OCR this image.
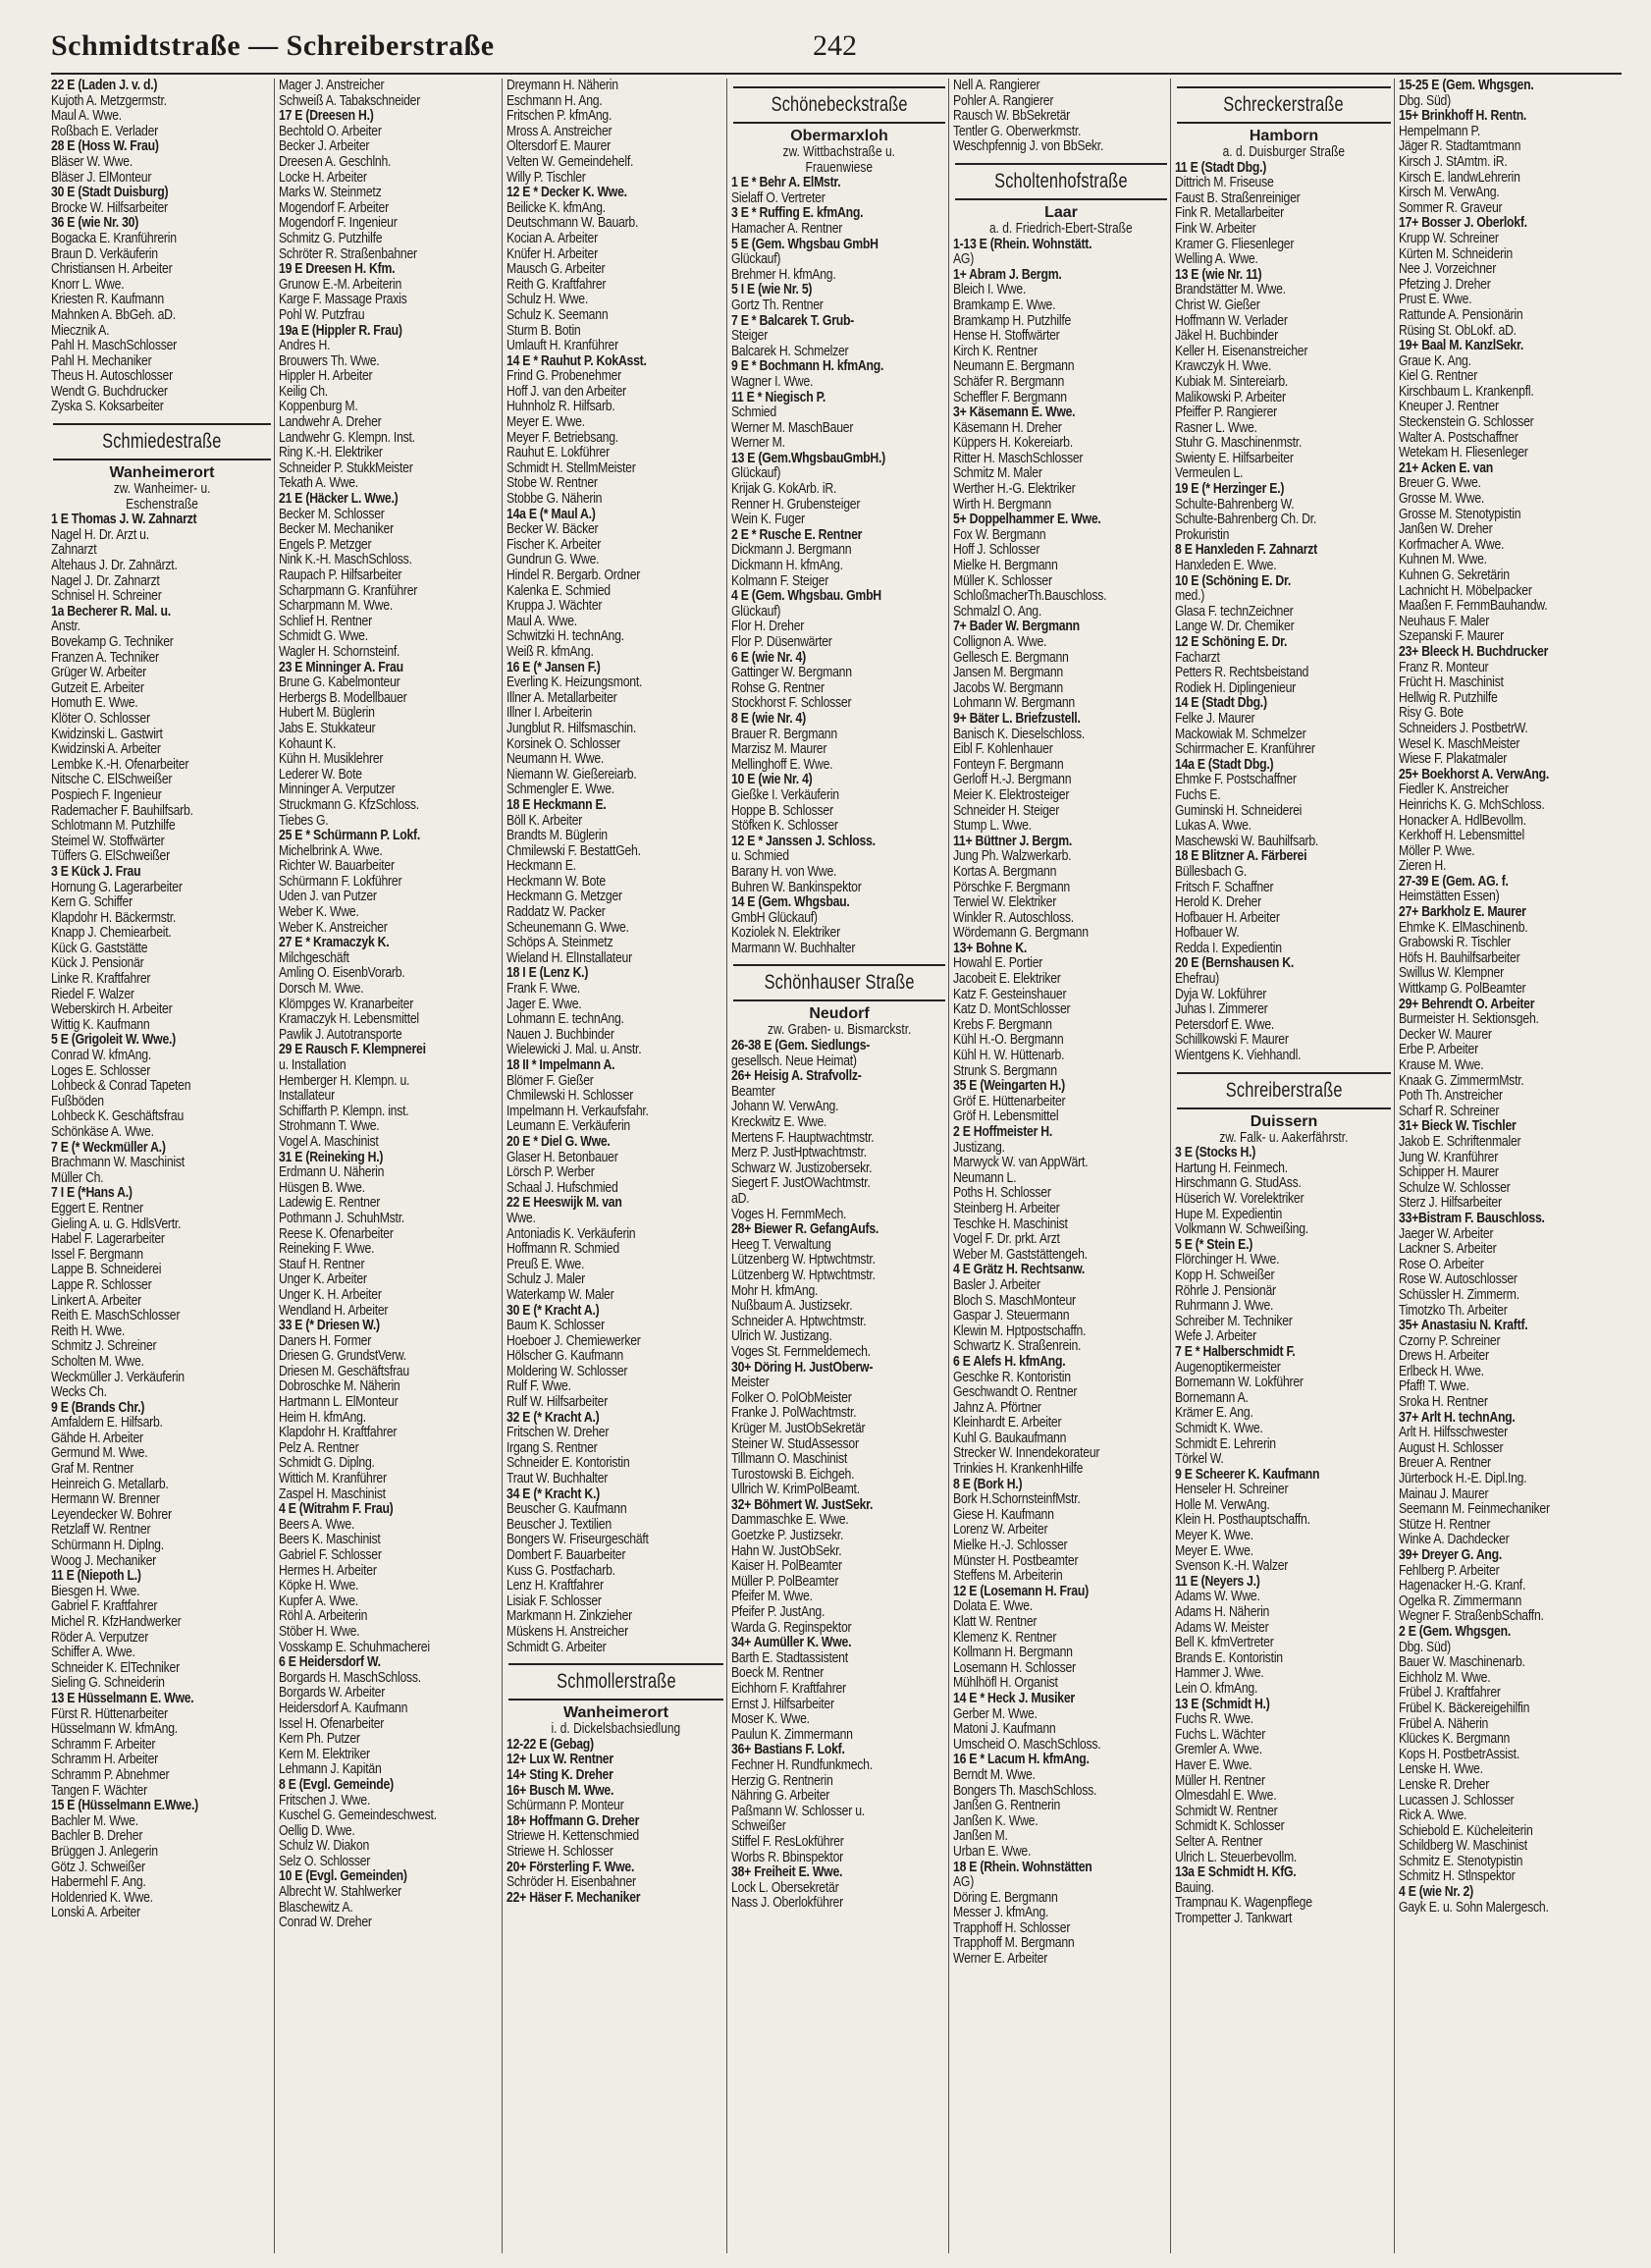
Schmidtstraße — Schreiberstraße	242
22 E (Laden J. v. d.)
Kujoth A. Metzgermstr.
Maul A. Wwe.
Roßbach E. Verlader
28 E (Hoss W. Frau)
Bläser W. Wwe.
Bläser J. ElMonteur
30 E (Stadt Duisburg)
Brocke W. Hilfsarbeiter
36 E (wie Nr. 30)
Bogacka E. Kranführerin
Braun D. Verkäuferin
Christiansen H. Arbeiter
Knorr L. Wwe.
Kriesten R. Kaufmann
Mahnken A. BbGeh. aD.
Miecznik A.
Pahl H. MaschSchlosser
Pahl H. Mechaniker
Theus H. Autoschlosser
Wendt G. Buchdrucker
Zyska S. Koksarbeiter
Schmiedestraße
Wanheimerort
zw. Wanheimer- u.
Eschenstraße
1 E Thomas J. W. Zahnarzt
Nagel H. Dr. Arzt u.
Zahnarzt
Altehaus J. Dr. Zahnärzt.
Nagel J. Dr. Zahnarzt
Schnisel H. Schreiner
1a Becherer R. Mal. u.
Anstr.
Bovekamp G. Techniker
Franzen A. Techniker
Grüger W. Arbeiter
Gutzeit E. Arbeiter
Homuth E. Wwe.
Klöter O. Schlosser
Kwidzinski L. Gastwirt
Kwidzinski A. Arbeiter
Lembke K.-H. Ofenarbeiter
Nitsche C. ElSchweißer
Pospiech F. Ingenieur
Rademacher F. Bauhilfsarb.
Schlotmann M. Putzhilfe
Steimel W. Stoffwärter
Tüffers G. ElSchweißer
3 E Kück J. Frau
Hornung G. Lagerarbeiter
Kern G. Schiffer
Klapdohr H. Bäckermstr.
Knapp J. Chemiearbeit.
Kück G. Gaststätte
Kück J. Pensionär
Linke R. Kraftfahrer
Riedel F. Walzer
Weberskirch H. Arbeiter
Wittig K. Kaufmann
5 E (Grigoleit W. Wwe.)
Conrad W. kfmAng.
Loges E. Schlosser
Lohbeck & Conrad Tapeten
Fußböden
Lohbeck K. Geschäftsfrau
Schönkäse A. Wwe.
7 E (* Weckmüller A.)
Brachmann W. Maschinist
Müller Ch.
7 I E (*Hans A.)
Eggert E. Rentner
Gieling A. u. G. HdlsVertr.
Habel F. Lagerarbeiter
Issel F. Bergmann
Lappe B. Schneiderei
Lappe R. Schlosser
Linkert A. Arbeiter
Reith E. MaschSchlosser
Reith H. Wwe.
Schmitz J. Schreiner
Scholten M. Wwe.
Weckmüller J. Verkäuferin
Wecks Ch.
9 E (Brands Chr.)
Amfaldern E. Hilfsarb.
Gähde H. Arbeiter
Germund M. Wwe.
Graf M. Rentner
Heinreich G. Metallarb.
Hermann W. Brenner
Leyendecker W. Bohrer
Retzlaff W. Rentner
Schürmann H. Diplng.
Woog J. Mechaniker
11 E (Niepoth L.)
Biesgen H. Wwe.
Gabriel F. Kraftfahrer
Michel R. KfzHandwerker
Röder A. Verputzer
Schiffer A. Wwe.
Schneider K. ElTechniker
Sieling G. Schneiderin
13 E Hüsselmann E. Wwe.
Fürst R. Hüttenarbeiter
Hüsselmann W. kfmAng.
Schramm F. Arbeiter
Schramm H. Arbeiter
Schramm P. Abnehmer
Tangen F. Wächter
15 E (Hüsselmann E.Wwe.)
Bachler M. Wwe.
Bachler B. Dreher
Brüggen J. Anlegerin
Götz J. Schweißer
Habermehl F. Ang.
Holdenried K. Wwe.
Lonski A. Arbeiter
Mager J. Anstreicher
Schweiß A. Tabakschneider
17 E (Dreesen H.)
Bechtold O. Arbeiter
Becker J. Arbeiter
Dreesen A. Geschlnh.
Locke H. Arbeiter
Marks W. Steinmetz
Mogendorf F. Arbeiter
Mogendorf F. Ingenieur
Schmitz G. Putzhilfe
Schröter R. Straßenbahner
19 E Dreesen H. Kfm.
Grunow E.-M. Arbeiterin
Karge F. Massage Praxis
Pohl W. Putzfrau
19a E (Hippler R. Frau)
Andres H.
Brouwers Th. Wwe.
Hippler H. Arbeiter
Keilig Ch.
Koppenburg M.
Landwehr A. Dreher
Landwehr G. Klempn. Inst.
Ring K.-H. Elektriker
Schneider P. StukkMeister
Tekath A. Wwe.
21 E (Häcker L. Wwe.)
Becker M. Schlosser
Becker M. Mechaniker
Engels P. Metzger
Nink K.-H. MaschSchloss.
Raupach P. Hilfsarbeiter
Scharpmann G. Kranführer
Scharpmann M. Wwe.
Schlief H. Rentner
Schmidt G. Wwe.
Wagler H. Schornsteinf.
23 E Minninger A. Frau
Brune G. Kabelmonteur
Herbergs B. Modellbauer
Hubert M. Büglerin
Jabs E. Stukkateur
Kohaunt K.
Kühn H. Musiklehrer
Lederer W. Bote
Minninger A. Verputzer
Struckmann G. KfzSchloss.
Tiebes G.
25 E * Schürmann P. Lokf.
Michelbrink A. Wwe.
Richter W. Bauarbeiter
Schürmann F. Lokführer
Uden J. van Putzer
Weber K. Wwe.
Weber K. Anstreicher
27 E * Kramaczyk K.
Milchgeschäft
Amling O. EisenbVorarb.
Dorsch M. Wwe.
Klömpges W. Kranarbeiter
Kramaczyk H. Lebensmittel
Pawlik J. Autotransporte
29 E Rausch F. Klempnerei
u. Installation
Hemberger H. Klempn. u.
Installateur
Schiffarth P. Klempn. inst.
Strohmann T. Wwe.
Vogel A. Maschinist
31 E (Reineking H.)
Erdmann U. Näherin
Hüsgen B. Wwe.
Ladewig E. Rentner
Pothmann J. SchuhMstr.
Reese K. Ofenarbeiter
Reineking F. Wwe.
Stauf H. Rentner
Unger K. Arbeiter
Unger K. H. Arbeiter
Wendland H. Arbeiter
33 E (* Driesen W.)
Daners H. Former
Driesen G. GrundstVerw.
Driesen M. Geschäftsfrau
Dobroschke M. Näherin
Hartmann L. ElMonteur
Heim H. kfmAng.
Klapdohr H. Kraftfahrer
Pelz A. Rentner
Schmidt G. Diplng.
Wittich M. Kranführer
Zaspel H. Maschinist
4 E (Witrahm F. Frau)
Beers A. Wwe.
Beers K. Maschinist
Gabriel F. Schlosser
Hermes H. Arbeiter
Köpke H. Wwe.
Kupfer A. Wwe.
Röhl A. Arbeiterin
Stöber H. Wwe.
Vosskamp E. Schuhmacherei
6 E Heidersdorf W.
Borgards H. MaschSchloss.
Borgards W. Arbeiter
Heidersdorf A. Kaufmann
Issel H. Ofenarbeiter
Kern Ph. Putzer
Kern M. Elektriker
Lehmann J. Kapitän
8 E (Evgl. Gemeinde)
Fritschen J. Wwe.
Kuschel G. Gemeindeschwest.
Oellig D. Wwe.
Schulz W. Diakon
Selz O. Schlosser
10 E (Evgl. Gemeinden)
Albrecht W. Stahlwerker
Blaschewitz A.
Conrad W. Dreher
Dreymann H. Näherin
Eschmann H. Ang.
Fritschen P. kfmAng.
Mross A. Anstreicher
Oltersdorf E. Maurer
Velten W. Gemeindehelf.
Willy P. Tischler
12 E * Decker K. Wwe.
Beilicke K. kfmAng.
Deutschmann W. Bauarb.
Kocian A. Arbeiter
Knüfer H. Arbeiter
Mausch G. Arbeiter
Reith G. Kraftfahrer
Schulz H. Wwe.
Schulz K. Seemann
Sturm B. Botin
Umlauft H. Kranführer
14 E * Rauhut P. KokAsst.
Frind G. Probenehmer
Hoff J. van den Arbeiter
Huhnholz R. Hilfsarb.
Meyer E. Wwe.
Meyer F. Betriebsang.
Rauhut E. Lokführer
Schmidt H. StellmMeister
Stobe W. Rentner
Stobbe G. Näherin
14a E (* Maul A.)
Becker W. Bäcker
Fischer K. Arbeiter
Gundrun G. Wwe.
Hindel R. Bergarb. Ordner
Kalenka E. Schmied
Kruppa J. Wächter
Maul A. Wwe.
Schwitzki H. technAng.
Weiß R. kfmAng.
16 E (* Jansen F.)
Everling K. Heizungsmont.
Illner A. Metallarbeiter
Illner I. Arbeiterin
Jungblut R. Hilfsmaschin.
Korsinek O. Schlosser
Neumann H. Wwe.
Niemann W. Gießereiarb.
Schmengler E. Wwe.
18 E Heckmann E.
Böll K. Arbeiter
Brandts M. Büglerin
Chmilewski F. BestattGeh.
Heckmann E.
Heckmann W. Bote
Heckmann G. Metzger
Raddatz W. Packer
Scheunemann G. Wwe.
Schöps A. Steinmetz
Wieland H. ElInstallateur
18 I E (Lenz K.)
Frank F. Wwe.
Jager E. Wwe.
Lohmann E. technAng.
Nauen J. Buchbinder
Wielewicki J. Mal. u. Anstr.
18 II * Impelmann A.
Blömer F. Gießer
Chmilewski H. Schlosser
Impelmann H. Verkaufsfahr.
Leumann E. Verkäuferin
20 E * Diel G. Wwe.
Glaser H. Betonbauer
Lörsch P. Werber
Schaal J. Hufschmied
22 E Heeswijk M. van
Wwe.
Antoniadis K. Verkäuferin
Hoffmann R. Schmied
Preuß E. Wwe.
Schulz J. Maler
Waterkamp W. Maler
30 E (* Kracht A.)
Baum K. Schlosser
Hoeboer J. Chemiewerker
Hölscher G. Kaufmann
Moldering W. Schlosser
Rulf F. Wwe.
Rulf W. Hilfsarbeiter
32 E (* Kracht A.)
Fritschen W. Dreher
Irgang S. Rentner
Schneider E. Kontoristin
Traut W. Buchhalter
34 E (* Kracht K.)
Beuscher G. Kaufmann
Beuscher J. Textilien
Bongers W. Friseurgeschäft
Dombert F. Bauarbeiter
Kuss G. Postfacharb.
Lenz H. Kraftfahrer
Lisiak F. Schlosser
Markmann H. Zinkzieher
Müskens H. Anstreicher
Schmidt G. Arbeiter
Schmollerstraße
Wanheimerort
i. d. Dickelsbachsiedlung
12-22 E (Gebag)
12+ Lux W. Rentner
14+ Sting K. Dreher
16+ Busch M. Wwe.
Schürmann P. Monteur
18+ Hoffmann G. Dreher
Striewe H. Kettenschmied
Striewe H. Schlosser
20+ Försterling F. Wwe.
Schröder H. Eisenbahner
22+ Häser F. Mechaniker
Schönebeckstraße
Obermarxloh
zw. Wittbachstraße u.
Frauenwiese
1 E * Behr A. ElMstr.
Sielaff O. Vertreter
3 E * Ruffing E. kfmAng.
Hamacher A. Rentner
5 E (Gem. Whgsbau GmbH
Glückauf)
Brehmer H. kfmAng.
5 I E (wie Nr. 5)
Gortz Th. Rentner
7 E * Balcarek T. Grub-
Steiger
Balcarek H. Schmelzer
9 E * Bochmann H. kfmAng.
Wagner I. Wwe.
11 E * Niegisch P.
Schmied
Werner M. MaschBauer
Werner M.
13 E (Gem.WhgsbauGmbH.)
Glückauf)
Krijak G. KokArb. iR.
Renner H. Grubensteiger
Wein K. Fuger
2 E * Rusche E. Rentner
Dickmann J. Bergmann
Dickmann H. kfmAng.
Kolmann F. Steiger
4 E (Gem. Whgsbau. GmbH
Glückauf)
Flor H. Dreher
Flor P. Düsenwärter
6 E (wie Nr. 4)
Gattinger W. Bergmann
Rohse G. Rentner
Stockhorst F. Schlosser
8 E (wie Nr. 4)
Brauer R. Bergmann
Marzisz M. Maurer
Mellinghoff E. Wwe.
10 E (wie Nr. 4)
Gießke I. Verkäuferin
Hoppe B. Schlosser
Stöfken K. Schlosser
12 E * Janssen J. Schloss.
u. Schmied
Barany H. von Wwe.
Buhren W. Bankinspektor
14 E (Gem. Whgsbau.
GmbH Glückauf)
Koziolek N. Elektriker
Marmann W. Buchhalter
Schönhauser Straße
Neudorf
zw. Graben- u. Bismarckstr.
26-38 E (Gem. Siedlungs-
gesellsch. Neue Heimat)
26+ Heisig A. Strafvollz-
Beamter
Johann W. VerwAng.
Kreckwitz E. Wwe.
Mertens F. Hauptwachtmstr.
Merz P. JustHptwachtmstr.
Schwarz W. Justizobersekr.
Siegert F. JustOWachtmstr.
aD.
Voges H. FernmMech.
28+ Biewer R. GefangAufs.
Heeg T. Verwaltung
Lützenberg W. Hptwchtmstr.
Lützenberg W. Hptwchtmstr.
Mohr H. kfmAng.
Nußbaum A. Justizsekr.
Schneider A. Hptwchtmstr.
Ulrich W. Justizang.
Voges St. Fernmeldemech.
30+ Döring H. JustOberw-
Meister
Folker O. PolObMeister
Franke J. PolWachtmstr.
Krüger M. JustObSekretär
Steiner W. StudAssessor
Tillmann O. Maschinist
Turostowski B. Eichgeh.
Ullrich W. KrimPolBeamt.
32+ Böhmert W. JustSekr.
Dammaschke E. Wwe.
Goetzke P. Justizsekr.
Hahn W. JustObSekr.
Kaiser H. PolBeamter
Müller P. PolBeamter
Pfeifer M. Wwe.
Pfeifer P. JustAng.
Warda G. Reginspektor
34+ Aumüller K. Wwe.
Barth E. Stadtassistent
Boeck M. Rentner
Eichhorn F. Kraftfahrer
Ernst J. Hilfsarbeiter
Moser K. Wwe.
Paulun K. Zimmermann
36+ Bastians F. Lokf.
Fechner H. Rundfunkmech.
Herzig G. Rentnerin
Nähring G. Arbeiter
Paßmann W. Schlosser u.
Schweißer
Stiffel F. ResLokführer
Worbs R. Bbinspektor
38+ Freiheit E. Wwe.
Lock L. Obersekretär
Nass J. Oberlokführer
Nell A. Rangierer
Pohler A. Rangierer
Rausch W. BbSekretär
Tentler G. Oberwerkmstr.
Weschpfennig J. von BbSekr.
Scholtenhofstraße
Laar
a. d. Friedrich-Ebert-Straße
1-13 E (Rhein. Wohnstätt.
AG)
1+ Abram J. Bergm.
Bleich I. Wwe.
Bramkamp E. Wwe.
Bramkamp H. Putzhilfe
Hense H. Stoffwärter
Kirch K. Rentner
Neumann E. Bergmann
Schäfer R. Bergmann
Scheffler F. Bergmann
3+ Käsemann E. Wwe.
Käsemann H. Dreher
Küppers H. Kokereiarb.
Ritter H. MaschSchlosser
Schmitz M. Maler
Werther H.-G. Elektriker
Wirth H. Bergmann
5+ Doppelhammer E. Wwe.
Fox W. Bergmann
Hoff J. Schlosser
Mielke H. Bergmann
Müller K. Schlosser
SchloßmacherTh.Bauschloss.
Schmalzl O. Ang.
7+ Bader W. Bergmann
Collignon A. Wwe.
Gellesch E. Bergmann
Jansen M. Bergmann
Jacobs W. Bergmann
Lohmann W. Bergmann
9+ Bäter L. Briefzustell.
Banisch K. Dieselschloss.
Eibl F. Kohlenhauer
Fonteyn F. Bergmann
Gerloff H.-J. Bergmann
Meier K. Elektrosteiger
Schneider H. Steiger
Stump L. Wwe.
11+ Büttner J. Bergm.
Jung Ph. Walzwerkarb.
Kortas A. Bergmann
Pörschke F. Bergmann
Terwiel W. Elektriker
Winkler R. Autoschloss.
Wördemann G. Bergmann
13+ Bohne K.
Howahl E. Portier
Jacobeit E. Elektriker
Katz F. Gesteinshauer
Katz D. MontSchlosser
Krebs F. Bergmann
Kühl H.-O. Bergmann
Kühl H. W. Hüttenarb.
Strunk S. Bergmann
35 E (Weingarten H.)
Gröf E. Hüttenarbeiter
Gröf H. Lebensmittel
2 E Hoffmeister H.
Justizang.
Marwyck W. van AppWärt.
Neumann L.
Poths H. Schlosser
Steinberg H. Arbeiter
Teschke H. Maschinist
Vogel F. Dr. prkt. Arzt
Weber M. Gaststättengeh.
4 E Grätz H. Rechtsanw.
Basler J. Arbeiter
Bloch S. MaschMonteur
Gaspar J. Steuermann
Klewin M. Hptpostschaffn.
Schwartz K. Straßenrein.
6 E Alefs H. kfmAng.
Geschke R. Kontoristin
Geschwandt O. Rentner
Jahnz A. Pförtner
Kleinhardt E. Arbeiter
Kuhl G. Baukaufmann
Strecker W. Innendekorateur
Trinkies H. KrankenhHilfe
8 E (Bork H.)
Bork H.SchornsteinfMstr.
Giese H. Kaufmann
Lorenz W. Arbeiter
Mielke H.-J. Schlosser
Münster H. Postbeamter
Steffens M. Arbeiterin
12 E (Losemann H. Frau)
Dolata E. Wwe.
Klatt W. Rentner
Klemenz K. Rentner
Kollmann H. Bergmann
Losemann H. Schlosser
Mühlhöfl H. Organist
14 E * Heck J. Musiker
Gerber M. Wwe.
Matoni J. Kaufmann
Umscheid O. MaschSchloss.
16 E * Lacum H. kfmAng.
Berndt M. Wwe.
Bongers Th. MaschSchloss.
Janßen G. Rentnerin
Janßen K. Wwe.
Janßen M.
Urban E. Wwe.
18 E (Rhein. Wohnstätten
AG)
Döring E. Bergmann
Messer J. kfmAng.
Trapphoff H. Schlosser
Trapphoff M. Bergmann
Werner E. Arbeiter
Schreckerstraße
Hamborn
a. d. Duisburger Straße
11 E (Stadt Dbg.)
Dittrich M. Friseuse
Faust B. Straßenreiniger
Fink R. Metallarbeiter
Fink W. Arbeiter
Kramer G. Fliesenleger
Welling A. Wwe.
13 E (wie Nr. 11)
Brandstätter M. Wwe.
Christ W. Gießer
Hoffmann W. Verlader
Jäkel H. Buchbinder
Keller H. Eisenanstreicher
Krawczyk H. Wwe.
Kubiak M. Sintereiarb.
Malikowski P. Arbeiter
Pfeiffer P. Rangierer
Rasner L. Wwe.
Stuhr G. Maschinenmstr.
Swienty E. Hilfsarbeiter
Vermeulen L.
19 E (* Herzinger E.)
Schulte-Bahrenberg W.
Schulte-Bahrenberg Ch. Dr.
Prokuristin
8 E Hanxleden F. Zahnarzt
Hanxleden E. Wwe.
10 E (Schöning E. Dr.
med.)
Glasa F. technZeichner
Lange W. Dr. Chemiker
12 E Schöning E. Dr.
Facharzt
Petters R. Rechtsbeistand
Rodiek H. Diplingenieur
14 E (Stadt Dbg.)
Felke J. Maurer
Mackowiak M. Schmelzer
Schirrmacher E. Kranführer
14a E (Stadt Dbg.)
Ehmke F. Postschaffner
Fuchs E.
Guminski H. Schneiderei
Lukas A. Wwe.
Maschewski W. Bauhilfsarb.
18 E Blitzner A. Färberei
Büllesbach G.
Fritsch F. Schaffner
Herold K. Dreher
Hofbauer H. Arbeiter
Hofbauer W.
Redda I. Expedientin
20 E (Bernshausen K.
Ehefrau)
Dyja W. Lokführer
Juhas I. Zimmerer
Petersdorf E. Wwe.
Schillkowski F. Maurer
Wientgens K. Viehhandl.
Schreiberstraße
Duissern
zw. Falk- u. Aakerfährstr.
3 E (Stocks H.)
Hartung H. Feinmech.
Hirschmann G. StudAss.
Hüserich W. Vorelektriker
Hupe M. Expedientin
Volkmann W. Schweißing.
5 E (* Stein E.)
Flörchinger H. Wwe.
Kopp H. Schweißer
Röhrle J. Pensionär
Ruhrmann J. Wwe.
Schreiber M. Techniker
Wefe J. Arbeiter
7 E * Halberschmidt F.
Augenoptikermeister
Bornemann W. Lokführer
Bornemann A.
Krämer E. Ang.
Schmidt K. Wwe.
Schmidt E. Lehrerin
Törkel W.
9 E Scheerer K. Kaufmann
Henseler H. Schreiner
Holle M. VerwAng.
Klein H. Posthauptschaffn.
Meyer K. Wwe.
Meyer E. Wwe.
Svenson K.-H. Walzer
11 E (Neyers J.)
Adams W. Wwe.
Adams H. Näherin
Adams W. Meister
Bell K. kfmVertreter
Brands E. Kontoristin
Hammer J. Wwe.
Lein O. kfmAng.
13 E (Schmidt H.)
Fuchs R. Wwe.
Fuchs L. Wächter
Gremler A. Wwe.
Haver E. Wwe.
Müller H. Rentner
Olmesdahl E. Wwe.
Schmidt W. Rentner
Schmidt K. Schlosser
Selter A. Rentner
Ulrich L. Steuerbevollm.
13a E Schmidt H. KfG.
Bauing.
Trampnau K. Wagenpflege
Trompetter J. Tankwart
15-25 E (Gem. Whgsgen.
Dbg. Süd)
15+ Brinkhoff H. Rentn.
Hempelmann P.
Jäger R. Stadtamtmann
Kirsch J. StAmtm. iR.
Kirsch E. landwLehrerin
Kirsch M. VerwAng.
Sommer R. Graveur
17+ Bosser J. Oberlokf.
Krupp W. Schreiner
Kürten M. Schneiderin
Nee J. Vorzeichner
Pfetzing J. Dreher
Prust E. Wwe.
Rattunde A. Pensionärin
Rüsing St. ObLokf. aD.
19+ Baal M. KanzlSekr.
Graue K. Ang.
Kiel G. Rentner
Kirschbaum L. Krankenpfl.
Kneuper J. Rentner
Steckenstein G. Schlosser
Walter A. Postschaffner
Wetekam H. Fliesenleger
21+ Acken E. van
Breuer G. Wwe.
Grosse M. Wwe.
Grosse M. Stenotypistin
Janßen W. Dreher
Korfmacher A. Wwe.
Kuhnen M. Wwe.
Kuhnen G. Sekretärin
Lachnicht H. Möbelpacker
Maaßen F. FernmBauhandw.
Neuhaus F. Maler
Szepanski F. Maurer
23+ Bleeck H. Buchdrucker
Franz R. Monteur
Frücht H. Maschinist
Hellwig R. Putzhilfe
Risy G. Bote
Schneiders J. PostbetrW.
Wesel K. MaschMeister
Wiese F. Plakatmaler
25+ Boekhorst A. VerwAng.
Fiedler K. Anstreicher
Heinrichs K. G. MchSchloss.
Honacker A. HdlBevollm.
Kerkhoff H. Lebensmittel
Möller P. Wwe.
Zieren H.
27-39 E (Gem. AG. f.
Heimstätten Essen)
27+ Barkholz E. Maurer
Ehmke K. ElMaschinenb.
Grabowski R. Tischler
Höfs H. Bauhilfsarbeiter
Swillus W. Klempner
Wittkamp G. PolBeamter
29+ Behrendt O. Arbeiter
Burmeister H. Sektionsgeh.
Decker W. Maurer
Erbe P. Arbeiter
Krause M. Wwe.
Knaak G. ZimmermMstr.
Poth Th. Anstreicher
Scharf R. Schreiner
31+ Bieck W. Tischler
Jakob E. Schriftenmaler
Jung W. Kranführer
Schipper H. Maurer
Schulze W. Schlosser
Sterz J. Hilfsarbeiter
33+Bistram F. Bauschloss.
Jaeger W. Arbeiter
Lackner S. Arbeiter
Rose O. Arbeiter
Rose W. Autoschlosser
Schüssler H. Zimmerm.
Timotzko Th. Arbeiter
35+ Anastasiu N. Kraftf.
Czorny P. Schreiner
Drews H. Arbeiter
Erlbeck H. Wwe.
Pfaff! T. Wwe.
Sroka H. Rentner
37+ Arlt H. technAng.
Arlt H. Hilfsschwester
August H. Schlosser
Breuer A. Rentner
Jürterbock H.-E. Dipl.Ing.
Mainau J. Maurer
Seemann M. Feinmechaniker
Stütze H. Rentner
Winke A. Dachdecker
39+ Dreyer G. Ang.
Fehlberg P. Arbeiter
Hagenacker H.-G. Kranf.
Ogelka R. Zimmermann
Wegner F. StraßenbSchaffn.
2 E (Gem. Whgsgen.
Dbg. Süd)
Bauer W. Maschinenarb.
Eichholz M. Wwe.
Frübel J. Kraftfahrer
Frübel K. Bäckereigehilfin
Frübel A. Näherin
Klückes K. Bergmann
Kops H. PostbetrAssist.
Lenske H. Wwe.
Lenske R. Dreher
Lucassen J. Schlosser
Rick A. Wwe.
Schiebold E. Kücheleiterin
Schildberg W. Maschinist
Schmitz E. Stenotypistin
Schmitz H. Stlnspektor
4 E (wie Nr. 2)
Gayk E. u. Sohn Malergesch.
